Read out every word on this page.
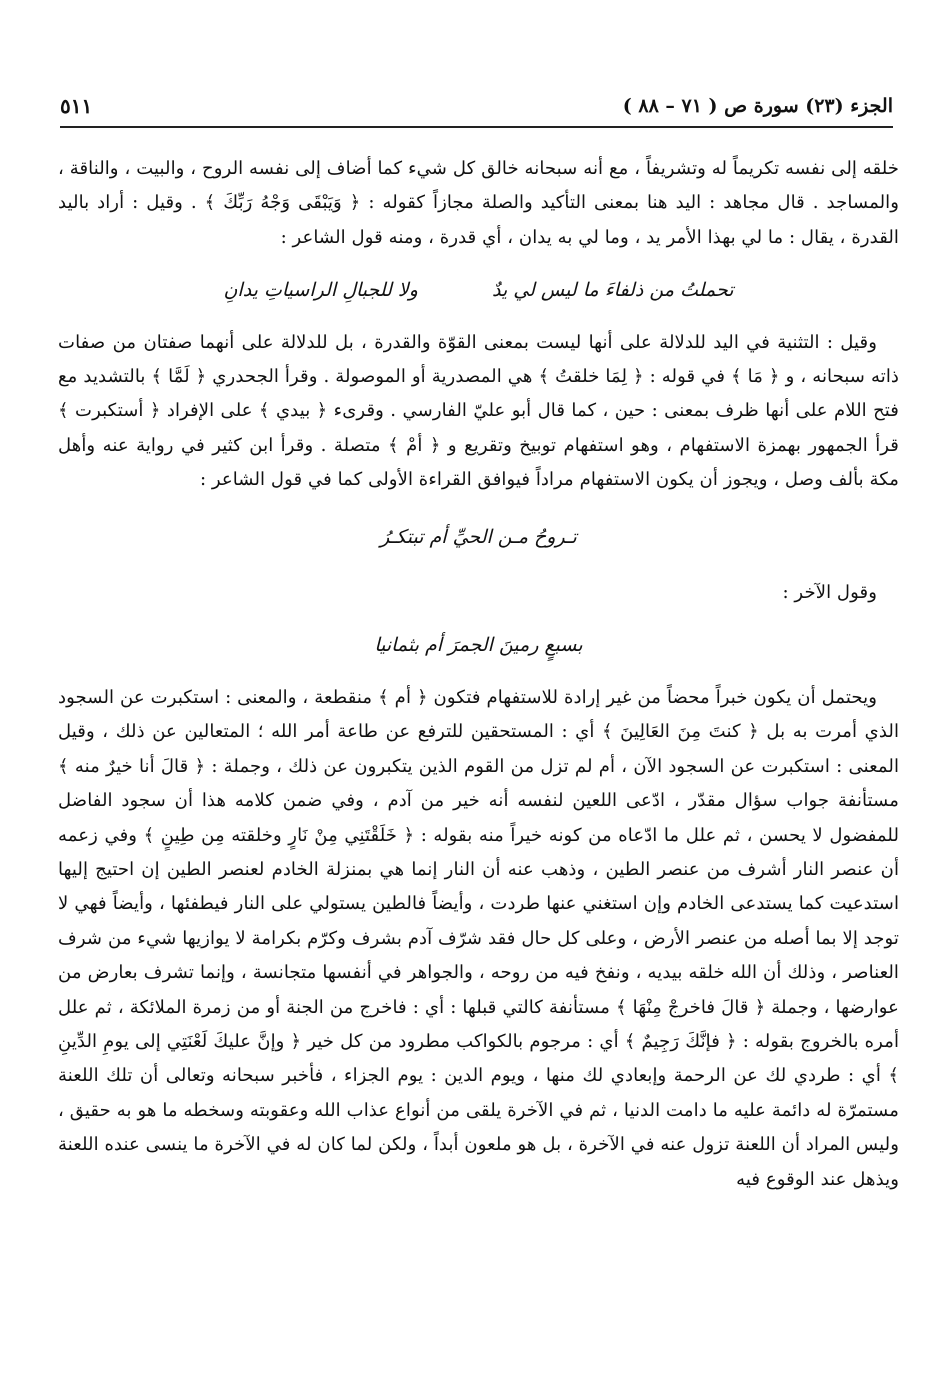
الجزء (٢٣) سورة ص ( ٧١ – ٨٨ )
٥١١

خلقه إلى نفسه تكريماً له وتشريفاً ، مع أنه سبحانه خالق كل شيء كما أضاف إلى نفسه الروح ، والبيت ، والناقة ، والمساجد . قال مجاهد : اليد هنا بمعنى التأكيد والصلة مجازاً كقوله : ﴿ وَيَبْقَى وَجْهُ رَبِّكَ ﴾ . وقيل : أراد باليد القدرة ، يقال : ما لي بهذا الأمر يد ، وما لي به يدان ، أي قدرة ، ومنه قول الشاعر :

تحملتُ من ذلفاءَ ما ليس لي يدٌ ولا للجبالِ الراسياتِ يدانِ

وقيل : التثنية في اليد للدلالة على أنها ليست بمعنى القوّة والقدرة ، بل للدلالة على أنهما صفتان من صفات ذاته سبحانه ، و ﴿ مَا ﴾ في قوله : ﴿ لِمَا خلقتُ ﴾ هي المصدرية أو الموصولة . وقرأ الجحدري ﴿ لَمَّا ﴾ بالتشديد مع فتح اللام على أنها ظرف بمعنى : حين ، كما قال أبو عليّ الفارسي . وقرىء ﴿ بيدي ﴾ على الإفراد ﴿ أستكبرت ﴾ قرأ الجمهور بهمزة الاستفهام ، وهو استفهام توبيخ وتقريع و ﴿ أمْ ﴾ متصلة . وقرأ ابن كثير في رواية عنه وأهل مكة بألف وصل ، ويجوز أن يكون الاستفهام مراداً فيوافق القراءة الأولى كما في قول الشاعر :

تـروحُ مـن الحيِّ أم تبتكـرُ

وقول الآخر :

بسبعٍ رمينَ الجمرَ أم بثمانيا

ويحتمل أن يكون خبراً محضاً من غير إرادة للاستفهام فتكون ﴿ أم ﴾ منقطعة ، والمعنى : استكبرت عن السجود الذي أمرت به بل ﴿ كنتَ مِنَ العَالِينَ ﴾ أي : المستحقين للترفع عن طاعة أمر الله ؛ المتعالين عن ذلك ، وقيل المعنى : استكبرت عن السجود الآن ، أم لم تزل من القوم الذين يتكبرون عن ذلك ، وجملة : ﴿ قالَ أنا خيرٌ منه ﴾ مستأنفة جواب سؤال مقدّر ، ادّعى اللعين لنفسه أنه خير من آدم ، وفي ضمن كلامه هذا أن سجود الفاضل للمفضول لا يحسن ، ثم علل ما ادّعاه من كونه خيراً منه بقوله : ﴿ خَلَقْتَنِي مِنْ نَارٍ وخلقته مِن طِينٍ ﴾ وفي زعمه أن عنصر النار أشرف من عنصر الطين ، وذهب عنه أن النار إنما هي بمنزلة الخادم لعنصر الطين إن احتيج إليها استدعيت كما يستدعى الخادم وإن استغني عنها طردت ، وأيضاً فالطين يستولي على النار فيطفئها ، وأيضاً فهي لا توجد إلا بما أصله من عنصر الأرض ، وعلى كل حال فقد شرّف آدم بشرف وكرّم بكرامة لا يوازيها شيء من شرف العناصر ، وذلك أن الله خلقه بيديه ، ونفخ فيه من روحه ، والجواهر في أنفسها متجانسة ، وإنما تشرف بعارض من عوارضها ، وجملة ﴿ قالَ فاخرجْ مِنْهَا ﴾ مستأنفة كالتي قبلها : أي : فاخرج من الجنة أو من زمرة الملائكة ، ثم علل أمره بالخروج بقوله : ﴿ فإنَّكَ رَجِيمٌ ﴾ أي : مرجوم بالكواكب مطرود من كل خير ﴿ وإنَّ عليكَ لَعْنَتِي إلى يومِ الدِّينِ ﴾ أي : طردي لك عن الرحمة وإبعادي لك منها ، ويوم الدين : يوم الجزاء ، فأخبر سبحانه وتعالى أن تلك اللعنة مستمرّة له دائمة عليه ما دامت الدنيا ، ثم في الآخرة يلقى من أنواع عذاب الله وعقوبته وسخطه ما هو به حقيق ، وليس المراد أن اللعنة تزول عنه في الآخرة ، بل هو ملعون أبداً ، ولكن لما كان له في الآخرة ما ينسى عنده اللعنة ويذهل عند الوقوع فيه
